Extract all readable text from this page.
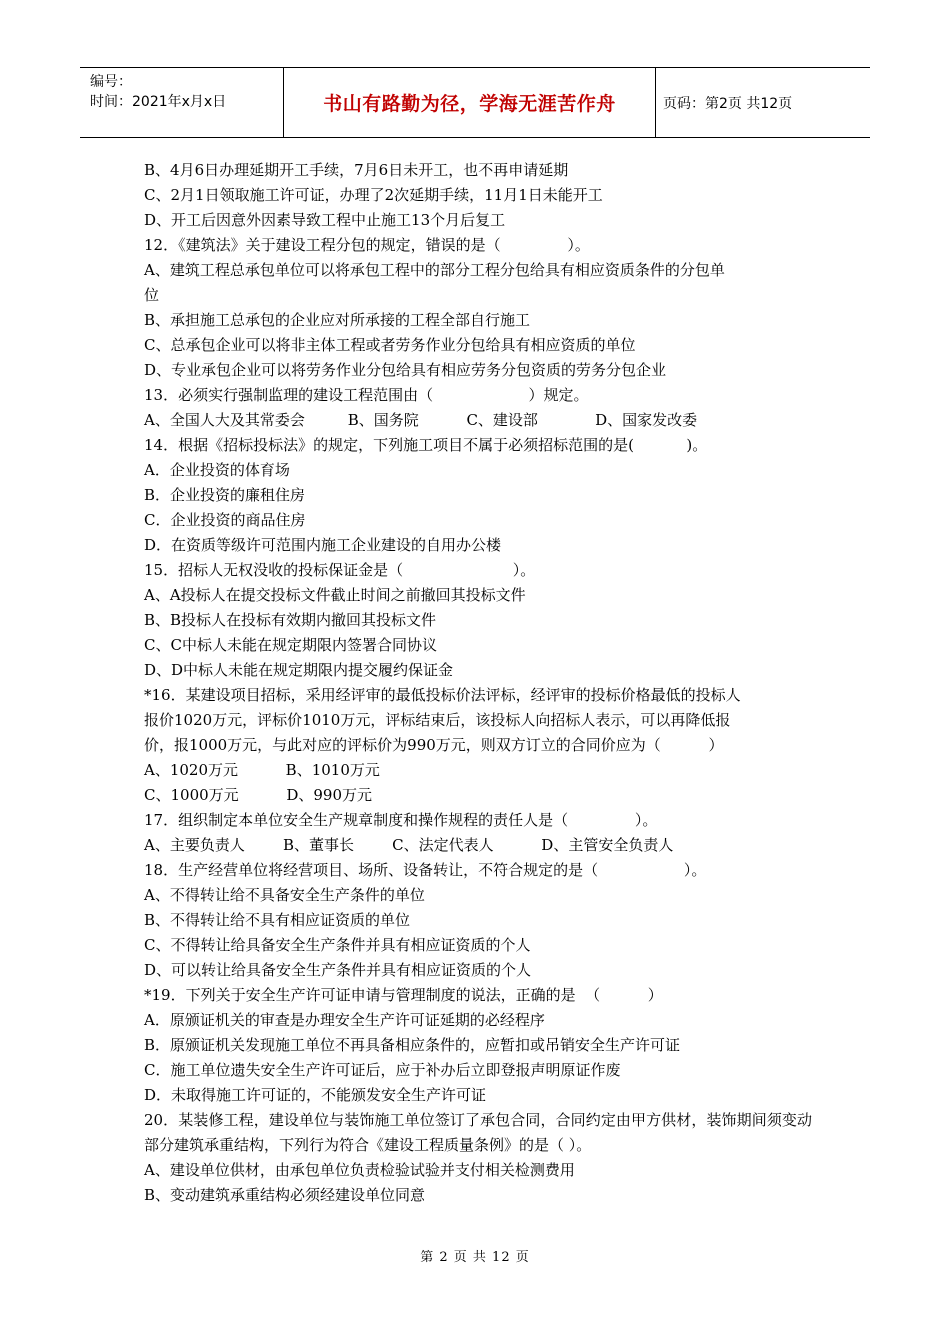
编号：
时间：2021年x月x日	书山有路勤为径，学海无涯苦作舟	页码：第2页 共12页
B、4月6日办理延期开工手续，7月6日未开工，也不再申请延期
C、2月1日领取施工许可证，办理了2次延期手续，11月1日未能开工
D、开工后因意外因素导致工程中止施工13个月后复工
12．《建筑法》关于建设工程分包的规定，错误的是（              ）。
A、建筑工程总承包单位可以将承包工程中的部分工程分包给具有相应资质条件的分包单
位
B、承担施工总承包的企业应对所承接的工程全部自行施工
C、总承包企业可以将非主体工程或者劳务作业分包给具有相应资质的单位
D、专业承包企业可以将劳务作业分包给具有相应劳务分包资质的劳务分包企业
13．必须实行强制监理的建设工程范围由（                    ）规定。
A、全国人大及其常委会         B、国务院          C、建设部            D、国家发改委
14．根据《招标投标法》的规定，下列施工项目不属于必须招标范围的是(           )。
A．企业投资的体育场
B．企业投资的廉租住房
C．企业投资的商品住房
D．在资质等级许可范围内施工企业建设的自用办公楼
15．招标人无权没收的投标保证金是（                       ）。
A、A投标人在提交投标文件截止时间之前撤回其投标文件
B、B投标人在投标有效期内撤回其投标文件
C、C中标人未能在规定期限内签署合同协议
D、D中标人未能在规定期限内提交履约保证金
*16．某建设项目招标，采用经评审的最低投标价法评标，经评审的投标价格最低的投标人
报价1020万元，评标价1010万元，评标结束后，该投标人向招标人表示，可以再降低报
价，报1000万元，与此对应的评标价为990万元，则双方订立的合同价应为（          ）
A、1020万元          B、1010万元
C、1000万元          D、990万元
17．组织制定本单位安全生产规章制度和操作规程的责任人是（              ）。
A、主要负责人        B、董事长        C、法定代表人          D、主管安全负责人
18．生产经营单位将经营项目、场所、设备转让，不符合规定的是（                  ）。
A、不得转让给不具备安全生产条件的单位
B、不得转让给不具有相应证资质的单位
C、不得转让给具备安全生产条件并具有相应证资质的个人
D、可以转让给具备安全生产条件并具有相应证资质的个人
*19．下列关于安全生产许可证申请与管理制度的说法，正确的是  （          ）
A．原颁证机关的审查是办理安全生产许可证延期的必经程序
B．原颁证机关发现施工单位不再具备相应条件的，应暂扣或吊销安全生产许可证
C．施工单位遗失安全生产许可证后，应于补办后立即登报声明原证作废
D．未取得施工许可证的，不能颁发安全生产许可证
20．某装修工程，建设单位与装饰施工单位签订了承包合同，合同约定由甲方供材，装饰期间须变动部分建筑承重结构，下列行为符合《建设工程质量条例》的是（ ）。
A、建设单位供材，由承包单位负责检验试验并支付相关检测费用
B、变动建筑承重结构必须经建设单位同意
第 2 页 共 12 页
